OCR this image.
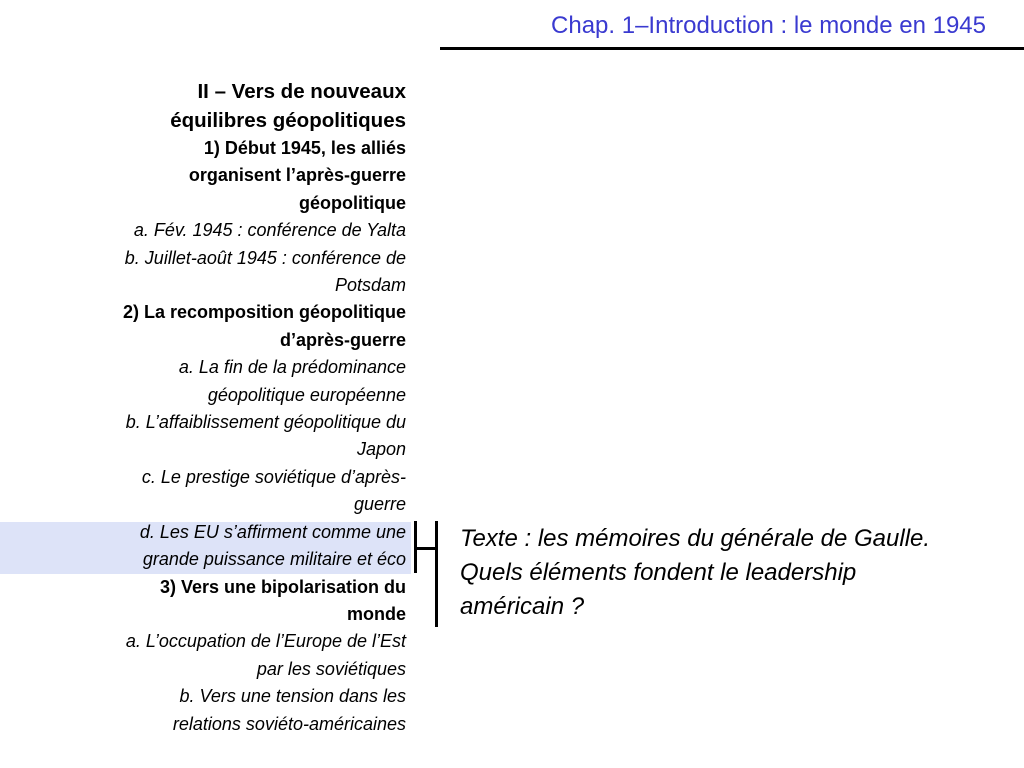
Chap. 1–Introduction : le monde en 1945
II – Vers de nouveaux
équilibres géopolitiques
1) Début 1945, les alliés
organisent l’après-guerre
géopolitique
a. Fév. 1945 : conférence de Yalta
b. Juillet-août 1945 : conférence de
Potsdam
2) La recomposition géopolitique
d’après-guerre
a. La fin de la prédominance
géopolitique européenne
b. L’affaiblissement géopolitique du
Japon
c. Le prestige soviétique d’après-
guerre
d. Les EU s’affirment comme une
grande puissance militaire et éco
3) Vers une bipolarisation du
monde
a. L’occupation de l’Europe de l’Est
par les soviétiques
b. Vers une tension dans les
relations soviéto-américaines
Texte : les mémoires du générale de Gaulle. Quels éléments fondent le leadership américain ?
